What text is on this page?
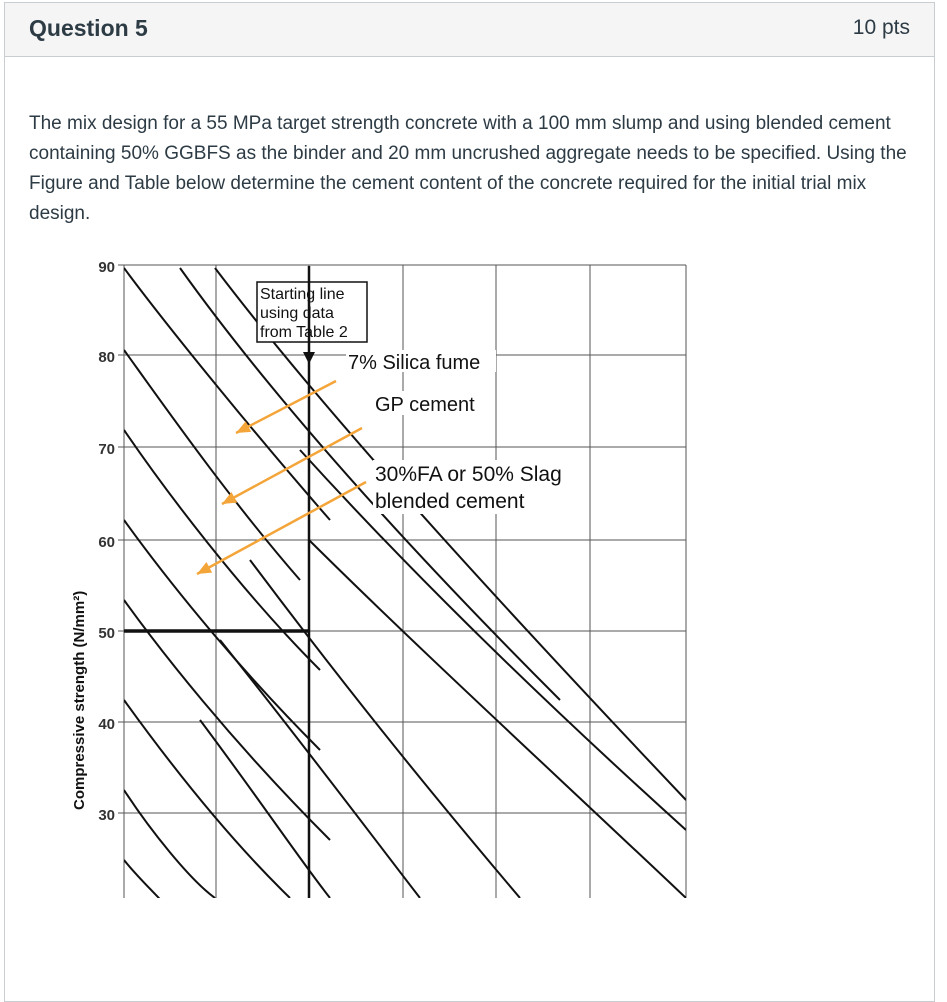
Question 5	10 pts

The mix design for a 55 MPa target strength concrete with a 100 mm slump and using blended cement containing 50% GGBFS as the binder and 20 mm uncrushed aggregate needs to be specified. Using the Figure and Table below determine the cement content of the concrete required for the initial trial mix design.

90
80
70
60
50
40
30
Compressive strength (N/mm²)
Starting line
using data
from Table 2
7% Silica fume
GP cement
30%FA or 50% Slag
blended cement
